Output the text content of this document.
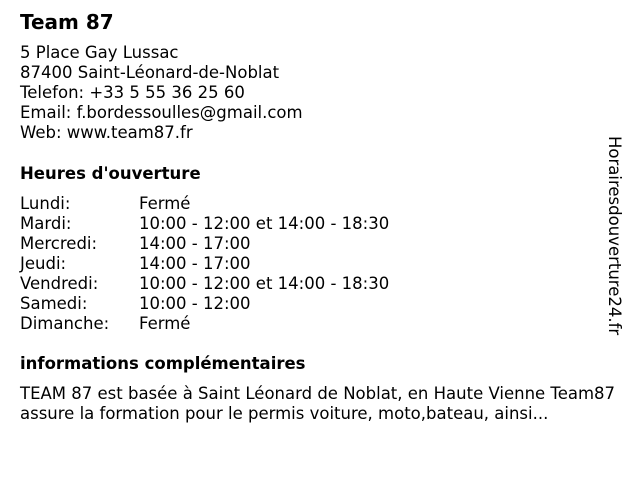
Team 87
5 Place Gay Lussac
87400 Saint-Léonard-de-Noblat
Telefon: +33 5 55 36 25 60
Email: f.bordessoulles@gmail.com
Web: www.team87.fr
Heures d'ouverture
Lundi:	Fermé
Mardi:	10:00 - 12:00 et 14:00 - 18:30
Mercredi:	14:00 - 17:00
Jeudi:	14:00 - 17:00
Vendredi:	10:00 - 12:00 et 14:00 - 18:30
Samedi:	10:00 - 12:00
Dimanche:	Fermé
informations complémentaires
TEAM 87 est basée à Saint Léonard de Noblat, en Haute Vienne Team87 assure la formation pour le permis voiture, moto,bateau, ainsi...
Horairesdouverture24.fr
